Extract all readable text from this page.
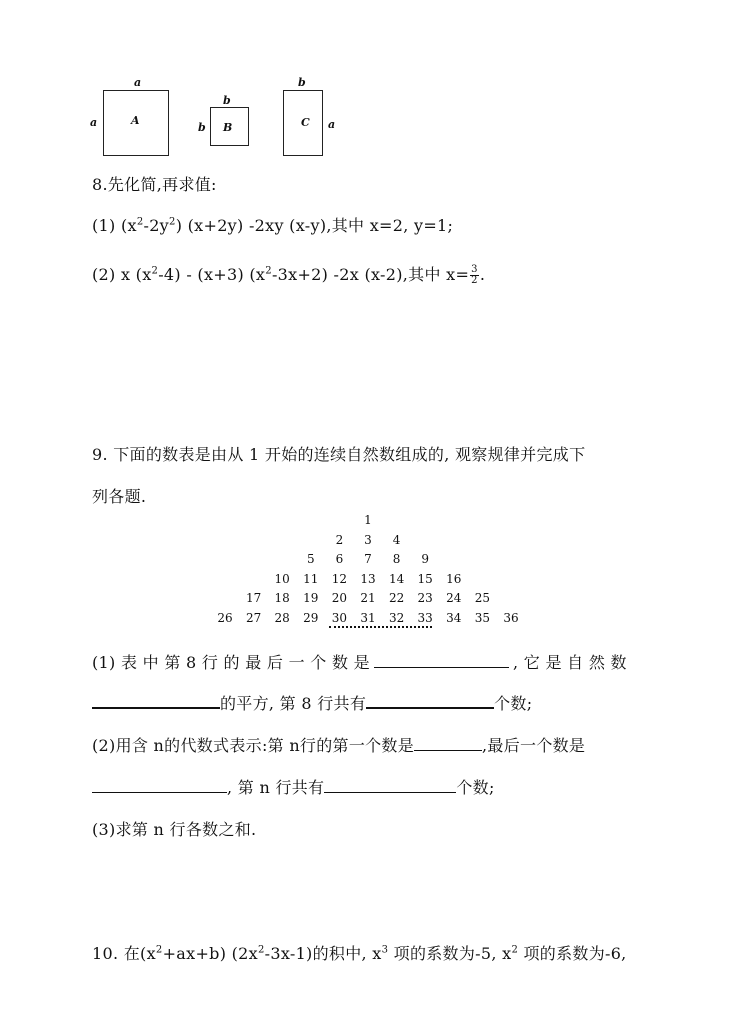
a
a	A
b
b B
b
C a
8.先化简,再求值:
(1) $(x^2-2y^2)$ (x+2y) -2xy (x-y),其中 x=2, y=1;
(2) x $(x^2-4) - (x+3)$ $(x^2-3x+2)$ -2x (x-2),其中 $x= \frac{3}{2}$ .
9. 下面的数表是由从 1 开始的连续自然数组成的, 观察规律并完成下
列各题.
1
2	3	4
5	6	7	8	9
10	11	12	13	14	15	16
17	18	19	20	21	22	23	24	25
26	27	28	29	30	31	32	33	34	35	36
(1) 表 中 第 8 行 的 最 后 一 个 数 是	, 它 是 自 然 数
的平方, 第 8 行共有	个数;
(2)用含 n的代数式表示:第 n行的第一个数是	,最后一个数是
, 第 n 行共有	个数;
(3)求第 n 行各数之和.
10. 在$(x^2+ax+b)$ $(2x^2-3x-1)$的积中, $x^3$ 项的系数为-5, $x^2$ 项的系数为-6,
